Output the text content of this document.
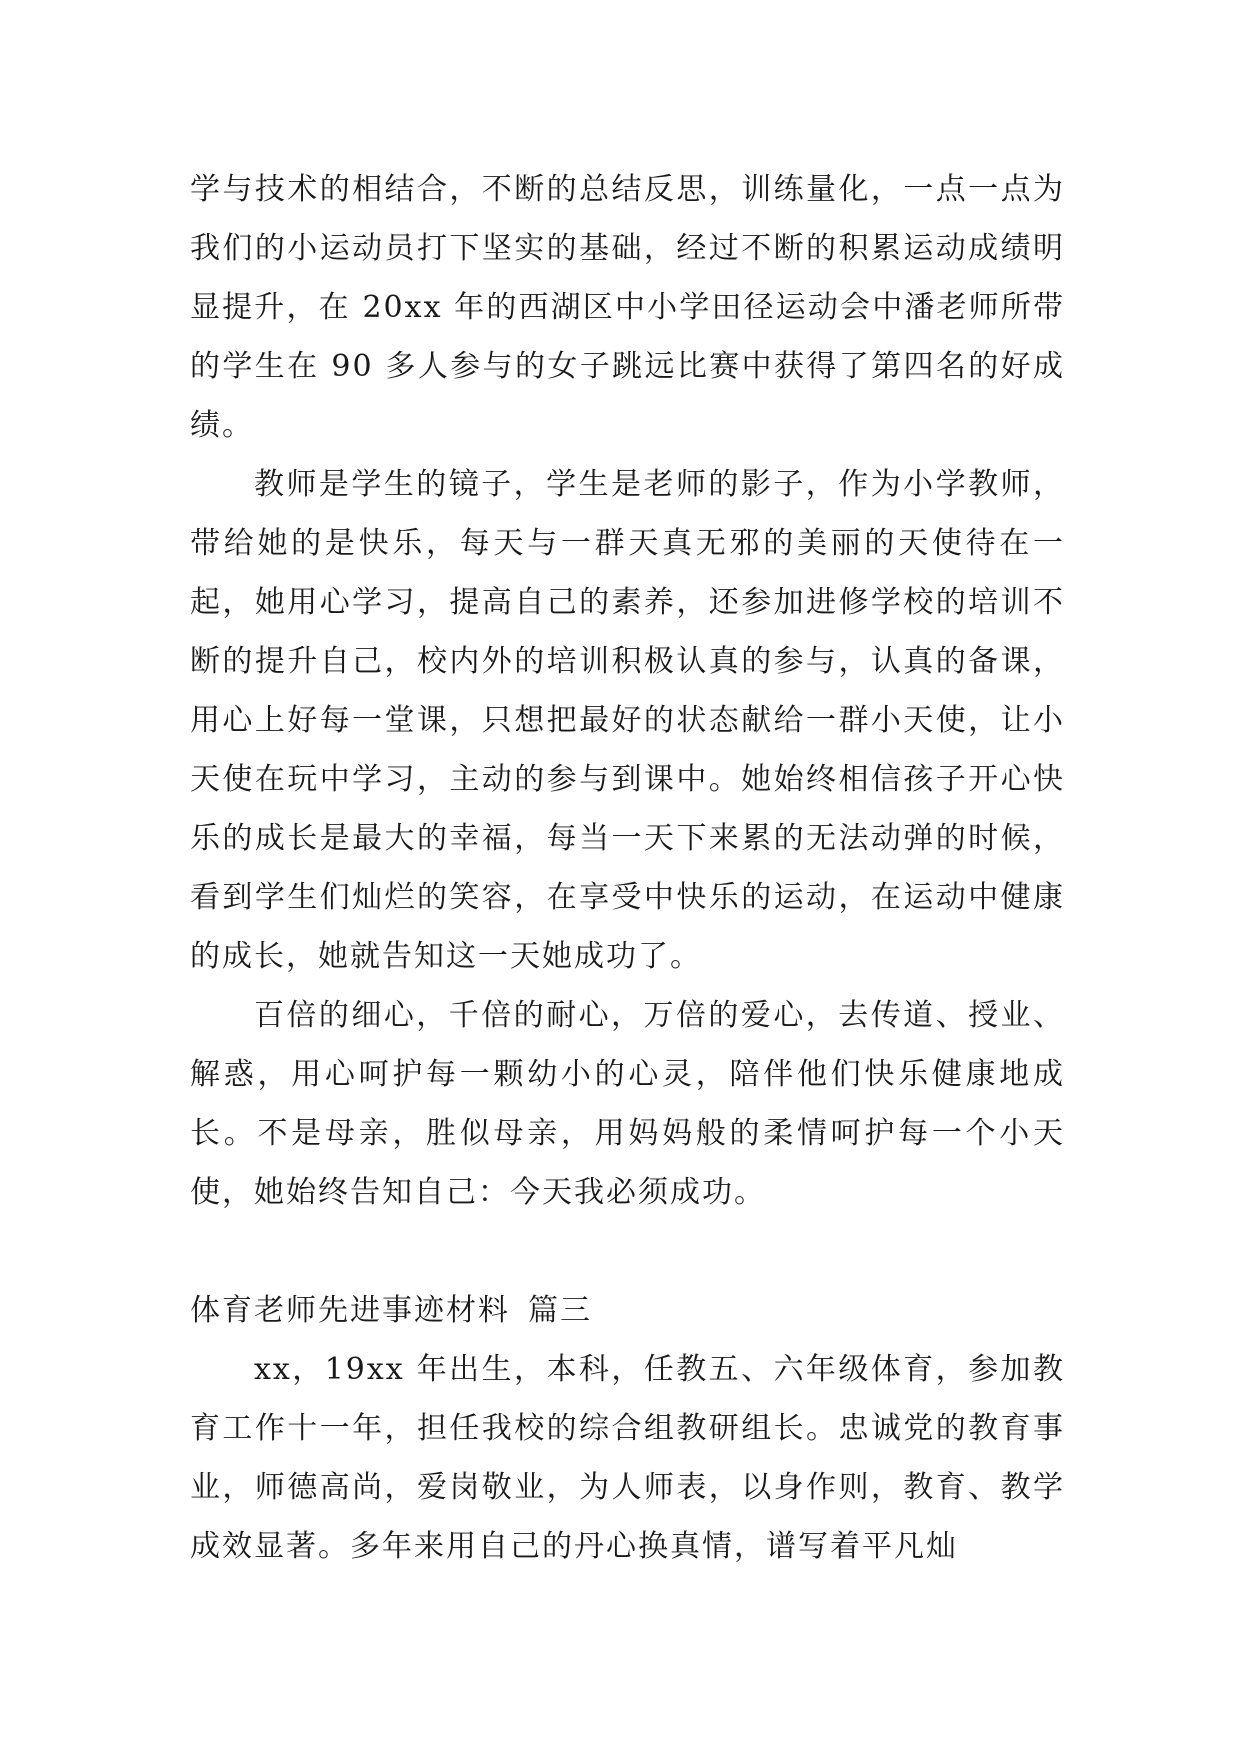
学与技术的相结合，不断的总结反思，训练量化，一点一点为我们的小运动员打下坚实的基础，经过不断的积累运动成绩明显提升，在 20xx 年的西湖区中小学田径运动会中潘老师所带的学生在 90 多人参与的女子跳远比赛中获得了第四名的好成绩。

教师是学生的镜子，学生是老师的影子，作为小学教师，带给她的是快乐，每天与一群天真无邪的美丽的天使待在一起，她用心学习，提高自己的素养，还参加进修学校的培训不断的提升自己，校内外的培训积极认真的参与，认真的备课，用心上好每一堂课，只想把最好的状态献给一群小天使，让小天使在玩中学习，主动的参与到课中。她始终相信孩子开心快乐的成长是最大的幸福，每当一天下来累的无法动弹的时候，看到学生们灿烂的笑容，在享受中快乐的运动，在运动中健康的成长，她就告知这一天她成功了。

百倍的细心，千倍的耐心，万倍的爱心，去传道、授业、解惑，用心呵护每一颗幼小的心灵，陪伴他们快乐健康地成长。不是母亲，胜似母亲，用妈妈般的柔情呵护每一个小天使，她始终告知自己：今天我必须成功。

体育老师先进事迹材料 篇三

xx，19xx 年出生，本科，任教五、六年级体育，参加教育工作十一年，担任我校的综合组教研组长。忠诚党的教育事业，师德高尚，爱岗敬业，为人师表，以身作则，教育、教学成效显著。多年来用自己的丹心换真情，谱写着平凡灿
